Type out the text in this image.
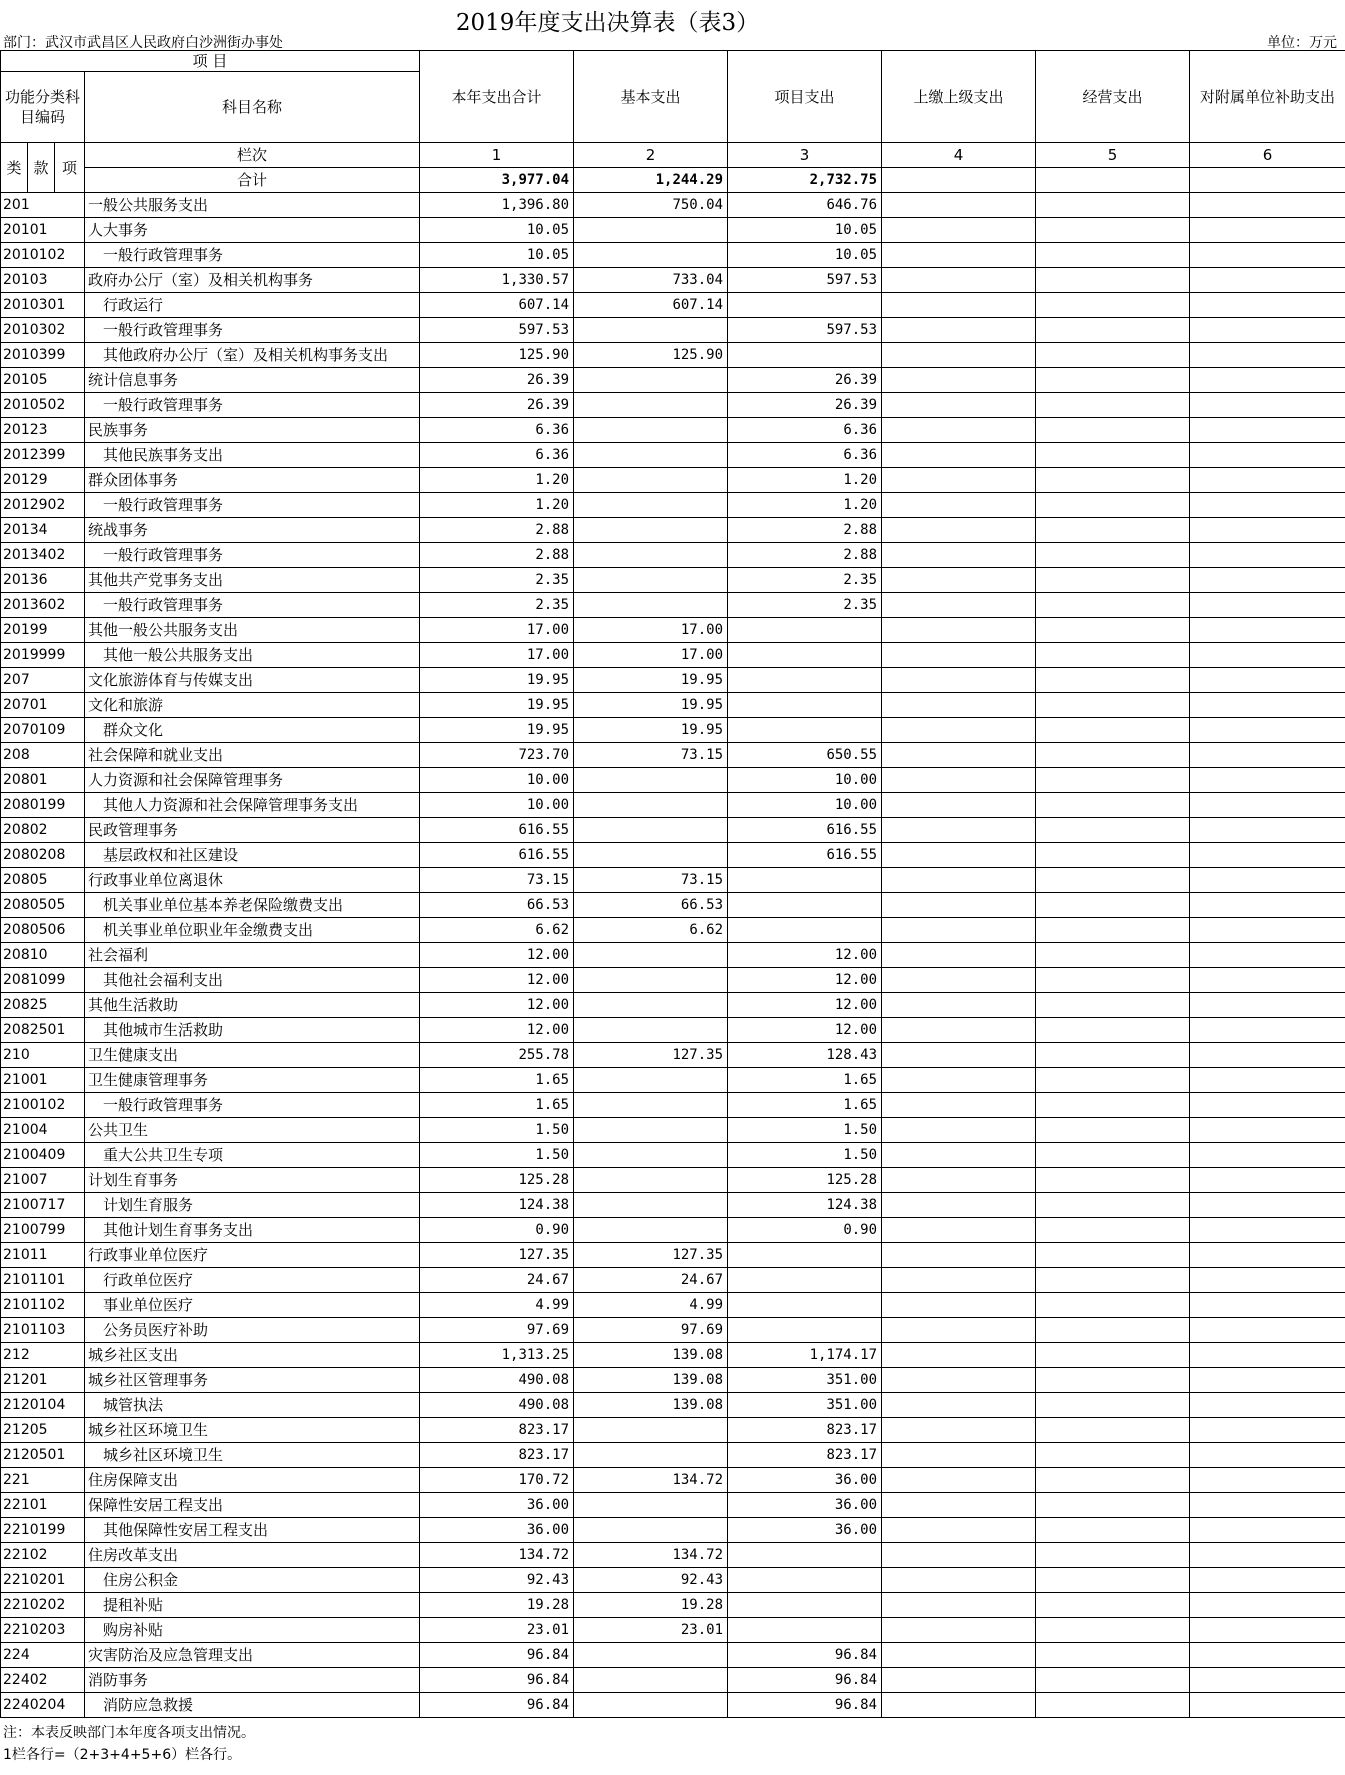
2019年度支出决算表（表3）
部门：武汉市武昌区人民政府白沙洲街办事处	单位：万元
项 目				本年支出合计	基本支出	项目支出	上缴上级支出	经营支出	对附属单位补助支出
功能分类科目编码			科目名称						
类	款	项	栏次	1	2	3	4	5	6
			合计	3,977.04	1,244.29	2,732.75			
201			一般公共服务支出	1,396.80	750.04	646.76			
20101			人大事务	10.05		10.05			
2010102			一般行政管理事务	10.05		10.05			
20103			政府办公厅（室）及相关机构事务	1,330.57	733.04	597.53			
2010301			行政运行	607.14	607.14				
2010302			一般行政管理事务	597.53		597.53			
2010399			其他政府办公厅（室）及相关机构事务支出	125.90	125.90				
20105			统计信息事务	26.39		26.39			
2010502			一般行政管理事务	26.39		26.39			
20123			民族事务	6.36		6.36			
2012399			其他民族事务支出	6.36		6.36			
20129			群众团体事务	1.20		1.20			
2012902			一般行政管理事务	1.20		1.20			
20134			统战事务	2.88		2.88			
2013402			一般行政管理事务	2.88		2.88			
20136			其他共产党事务支出	2.35		2.35			
2013602			一般行政管理事务	2.35		2.35			
20199			其他一般公共服务支出	17.00	17.00				
2019999			其他一般公共服务支出	17.00	17.00				
207			文化旅游体育与传媒支出	19.95	19.95				
20701			文化和旅游	19.95	19.95				
2070109			群众文化	19.95	19.95				
208			社会保障和就业支出	723.70	73.15	650.55			
20801			人力资源和社会保障管理事务	10.00		10.00			
2080199			其他人力资源和社会保障管理事务支出	10.00		10.00			
20802			民政管理事务	616.55		616.55			
2080208			基层政权和社区建设	616.55		616.55			
20805			行政事业单位离退休	73.15	73.15				
2080505			机关事业单位基本养老保险缴费支出	66.53	66.53				
2080506			机关事业单位职业年金缴费支出	6.62	6.62				
20810			社会福利	12.00		12.00			
2081099			其他社会福利支出	12.00		12.00			
20825			其他生活救助	12.00		12.00			
2082501			其他城市生活救助	12.00		12.00			
210			卫生健康支出	255.78	127.35	128.43			
21001			卫生健康管理事务	1.65		1.65			
2100102			一般行政管理事务	1.65		1.65			
21004			公共卫生	1.50		1.50			
2100409			重大公共卫生专项	1.50		1.50			
21007			计划生育事务	125.28		125.28			
2100717			计划生育服务	124.38		124.38			
2100799			其他计划生育事务支出	0.90		0.90			
21011			行政事业单位医疗	127.35	127.35				
2101101			行政单位医疗	24.67	24.67				
2101102			事业单位医疗	4.99	4.99				
2101103			公务员医疗补助	97.69	97.69				
212			城乡社区支出	1,313.25	139.08	1,174.17			
21201			城乡社区管理事务	490.08	139.08	351.00			
2120104			城管执法	490.08	139.08	351.00			
21205			城乡社区环境卫生	823.17		823.17			
2120501			城乡社区环境卫生	823.17		823.17			
221			住房保障支出	170.72	134.72	36.00			
22101			保障性安居工程支出	36.00		36.00			
2210199			其他保障性安居工程支出	36.00		36.00			
22102			住房改革支出	134.72	134.72				
2210201			住房公积金	92.43	92.43				
2210202			提租补贴	19.28	19.28				
2210203			购房补贴	23.01	23.01				
224			灾害防治及应急管理支出	96.84		96.84			
22402			消防事务	96.84		96.84			
2240204			消防应急救援	96.84		96.84			
注：本表反映部门本年度各项支出情况。
1栏各行=（2+3+4+5+6）栏各行。
